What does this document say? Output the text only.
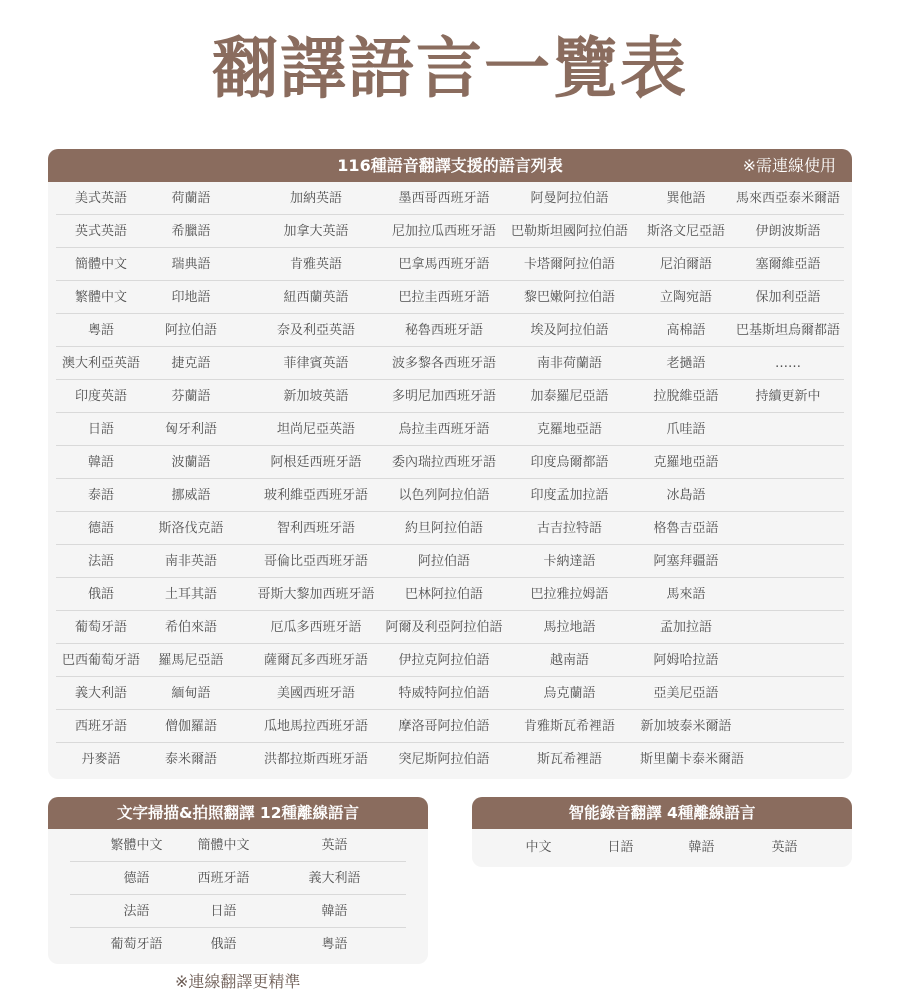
翻譯語言一覽表
116種語音翻譯支援的語言列表	※需連線使用
美式英語	荷蘭語	加納英語	墨西哥西班牙語	阿曼阿拉伯語	巽他語	馬來西亞泰米爾語
英式英語	希臘語	加拿大英語	尼加拉瓜西班牙語	巴勒斯坦國阿拉伯語	斯洛文尼亞語	伊朗波斯語
簡體中文	瑞典語	肯雅英語	巴拿馬西班牙語	卡塔爾阿拉伯語	尼泊爾語	塞爾維亞語
繁體中文	印地語	紐西蘭英語	巴拉圭西班牙語	黎巴嫩阿拉伯語	立陶宛語	保加利亞語
粵語	阿拉伯語	奈及利亞英語	秘魯西班牙語	埃及阿拉伯語	高棉語	巴基斯坦烏爾都語
澳大利亞英語	捷克語	菲律賓英語	波多黎各西班牙語	南非荷蘭語	老撾語	……
印度英語	芬蘭語	新加坡英語	多明尼加西班牙語	加泰羅尼亞語	拉脫維亞語	持續更新中
日語	匈牙利語	坦尚尼亞英語	烏拉圭西班牙語	克羅地亞語	爪哇語
韓語	波蘭語	阿根廷西班牙語	委內瑞拉西班牙語	印度烏爾都語	克羅地亞語
泰語	挪威語	玻利維亞西班牙語	以色列阿拉伯語	印度孟加拉語	冰島語
德語	斯洛伐克語	智利西班牙語	約旦阿拉伯語	古吉拉特語	格魯吉亞語
法語	南非英語	哥倫比亞西班牙語	阿拉伯語	卡納達語	阿塞拜疆語
俄語	土耳其語	哥斯大黎加西班牙語	巴林阿拉伯語	巴拉雅拉姆語	馬來語
葡萄牙語	希伯來語	厄瓜多西班牙語	阿爾及利亞阿拉伯語	馬拉地語	孟加拉語
巴西葡萄牙語	羅馬尼亞語	薩爾瓦多西班牙語	伊拉克阿拉伯語	越南語	阿姆哈拉語
義大利語	緬甸語	美國西班牙語	特威特阿拉伯語	烏克蘭語	亞美尼亞語
西班牙語	僧伽羅語	瓜地馬拉西班牙語	摩洛哥阿拉伯語	肯雅斯瓦希裡語	新加坡泰米爾語
丹麥語	泰米爾語	洪都拉斯西班牙語	突尼斯阿拉伯語	斯瓦希裡語	斯里蘭卡泰米爾語
文字掃描&拍照翻譯 12種離線語言
繁體中文	簡體中文	英語
德語	西班牙語	義大利語
法語	日語	韓語
葡萄牙語	俄語	粵語
智能錄音翻譯 4種離線語言
中文	日語	韓語	英語
※連線翻譯更精準
